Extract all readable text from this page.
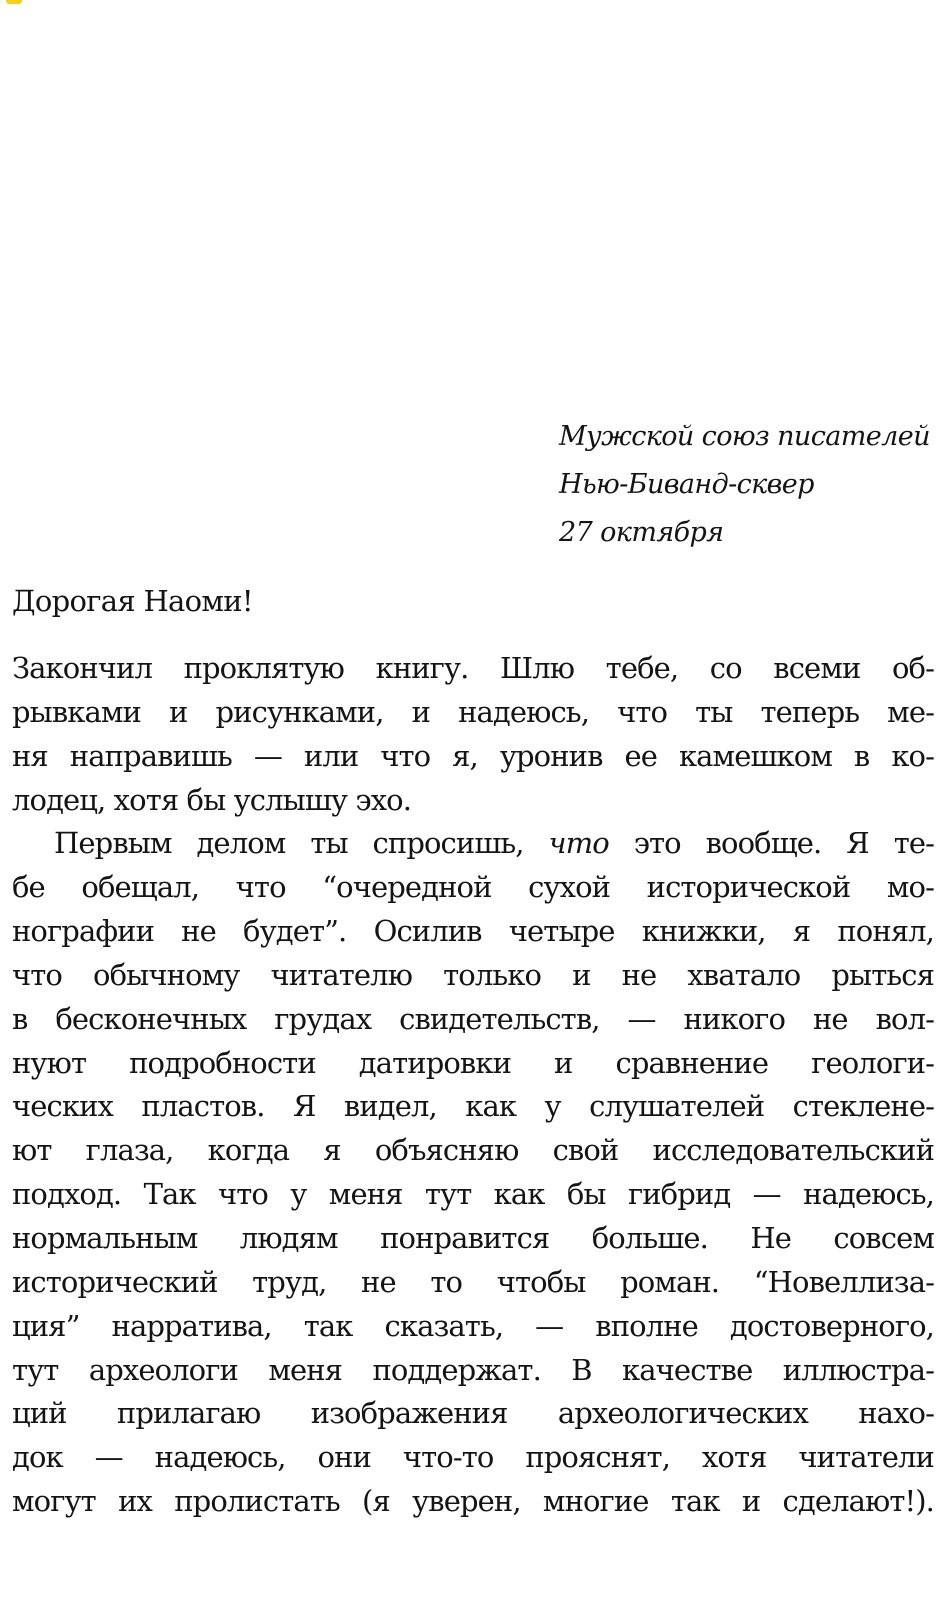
Мужской союз писателей
Нью-Биванд-сквер
27 октября
Дорогая Наоми!
Закончил проклятую книгу. Шлю тебе, со всеми об-
рывками и рисунками, и надеюсь, что ты теперь ме-
ня направишь — или что я, уронив ее камешком в ко-
лодец, хотя бы услышу эхо.
Первым делом ты спросишь, что это вообще. Я те-
бе обещал, что “очередной сухой исторической мо-
нографии не будет”. Осилив четыре книжки, я понял,
что обычному читателю только и не хватало рыться
в бесконечных грудах свидетельств, — никого не вол-
нуют подробности датировки и сравнение геологи-
ческих пластов. Я видел, как у слушателей стеклене-
ют глаза, когда я объясняю свой исследовательский
подход. Так что у меня тут как бы гибрид — надеюсь,
нормальным людям понравится больше. Не совсем
исторический труд, не то чтобы роман. “Новеллиза-
ция” нарратива, так сказать, — вполне достоверного,
тут археологи меня поддержат. В качестве иллюстра-
ций прилагаю изображения археологических нахо-
док — надеюсь, они что-то прояснят, хотя читатели
могут их пролистать (я уверен, многие так и сделают!).
